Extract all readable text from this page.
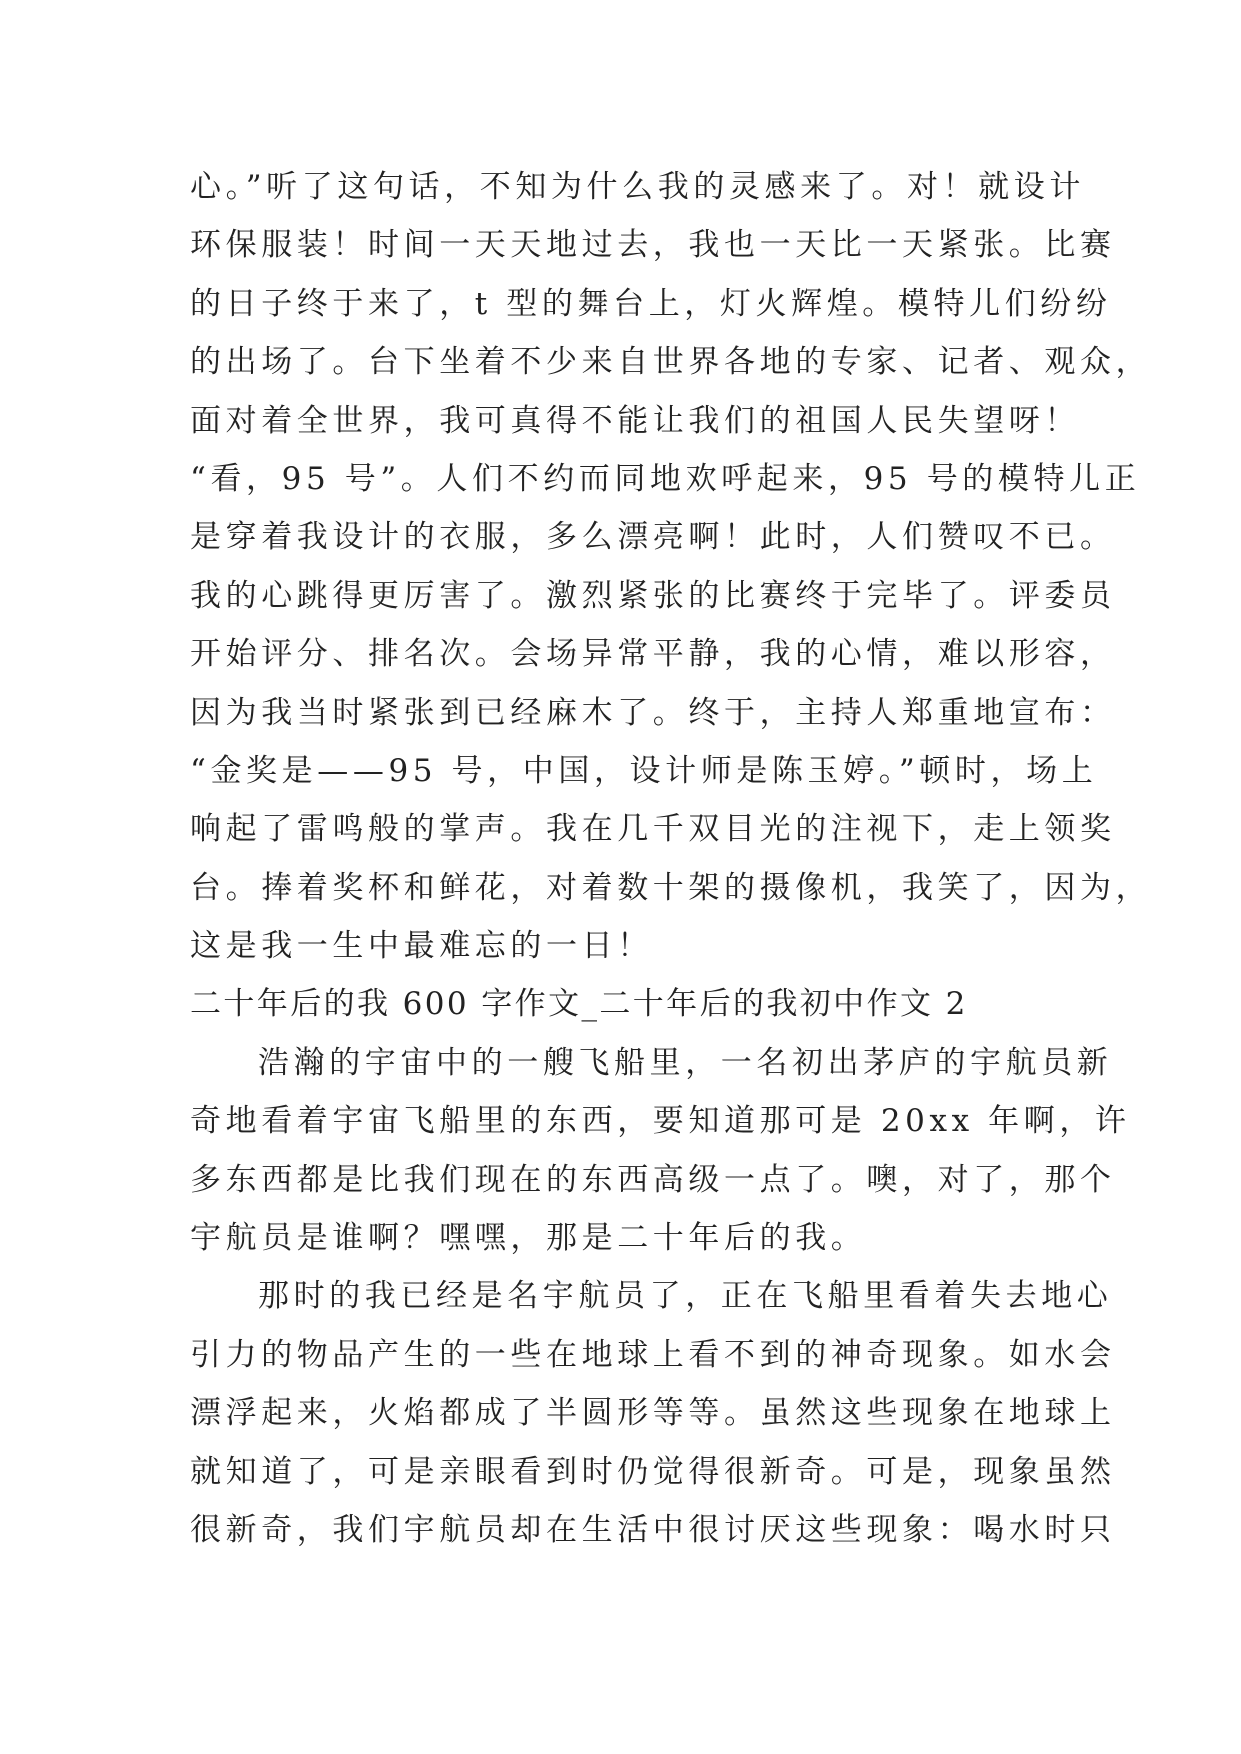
心。”听了这句话，不知为什么我的灵感来了。对！就设计
环保服装！时间一天天地过去，我也一天比一天紧张。比赛
的日子终于来了，t 型的舞台上，灯火辉煌。模特儿们纷纷
的出场了。台下坐着不少来自世界各地的专家、记者、观众，
面对着全世界，我可真得不能让我们的祖国人民失望呀！
“看，95 号”。人们不约而同地欢呼起来，95 号的模特儿正
是穿着我设计的衣服，多么漂亮啊！此时，人们赞叹不已。
我的心跳得更厉害了。激烈紧张的比赛终于完毕了。评委员
开始评分、排名次。会场异常平静，我的心情，难以形容，
因为我当时紧张到已经麻木了。终于，主持人郑重地宣布：
“金奖是——95 号，中国，设计师是陈玉婷。”顿时，场上
响起了雷鸣般的掌声。我在几千双目光的注视下，走上领奖
台。捧着奖杯和鲜花，对着数十架的摄像机，我笑了，因为，
这是我一生中最难忘的一日！
二十年后的我 600 字作文_二十年后的我初中作文 2
浩瀚的宇宙中的一艘飞船里，一名初出茅庐的宇航员新
奇地看着宇宙飞船里的东西，要知道那可是 20xx 年啊，许
多东西都是比我们现在的东西高级一点了。噢，对了，那个
宇航员是谁啊？嘿嘿，那是二十年后的我。
那时的我已经是名宇航员了，正在飞船里看着失去地心
引力的物品产生的一些在地球上看不到的神奇现象。如水会
漂浮起来，火焰都成了半圆形等等。虽然这些现象在地球上
就知道了，可是亲眼看到时仍觉得很新奇。可是，现象虽然
很新奇，我们宇航员却在生活中很讨厌这些现象：喝水时只
